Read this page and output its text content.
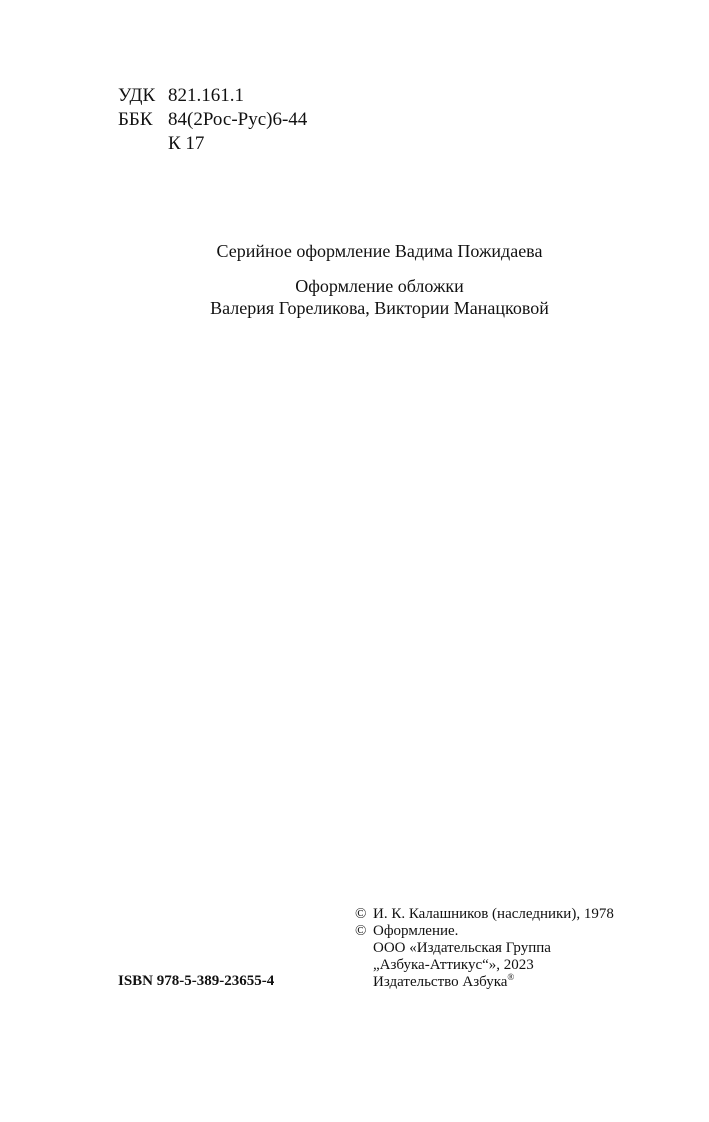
УДК 821.161.1
ББК 84(2Рос-Рус)6-44
К 17
Серийное оформление Вадима Пожидаева
Оформление обложки
Валерия Гореликова, Виктории Манацковой
ISBN 978-5-389-23655-4
© И. К. Калашников (наследники), 1978
© Оформление.
ООО «Издательская Группа
„Азбука-Аттикус“», 2023
Издательство Азбука®
